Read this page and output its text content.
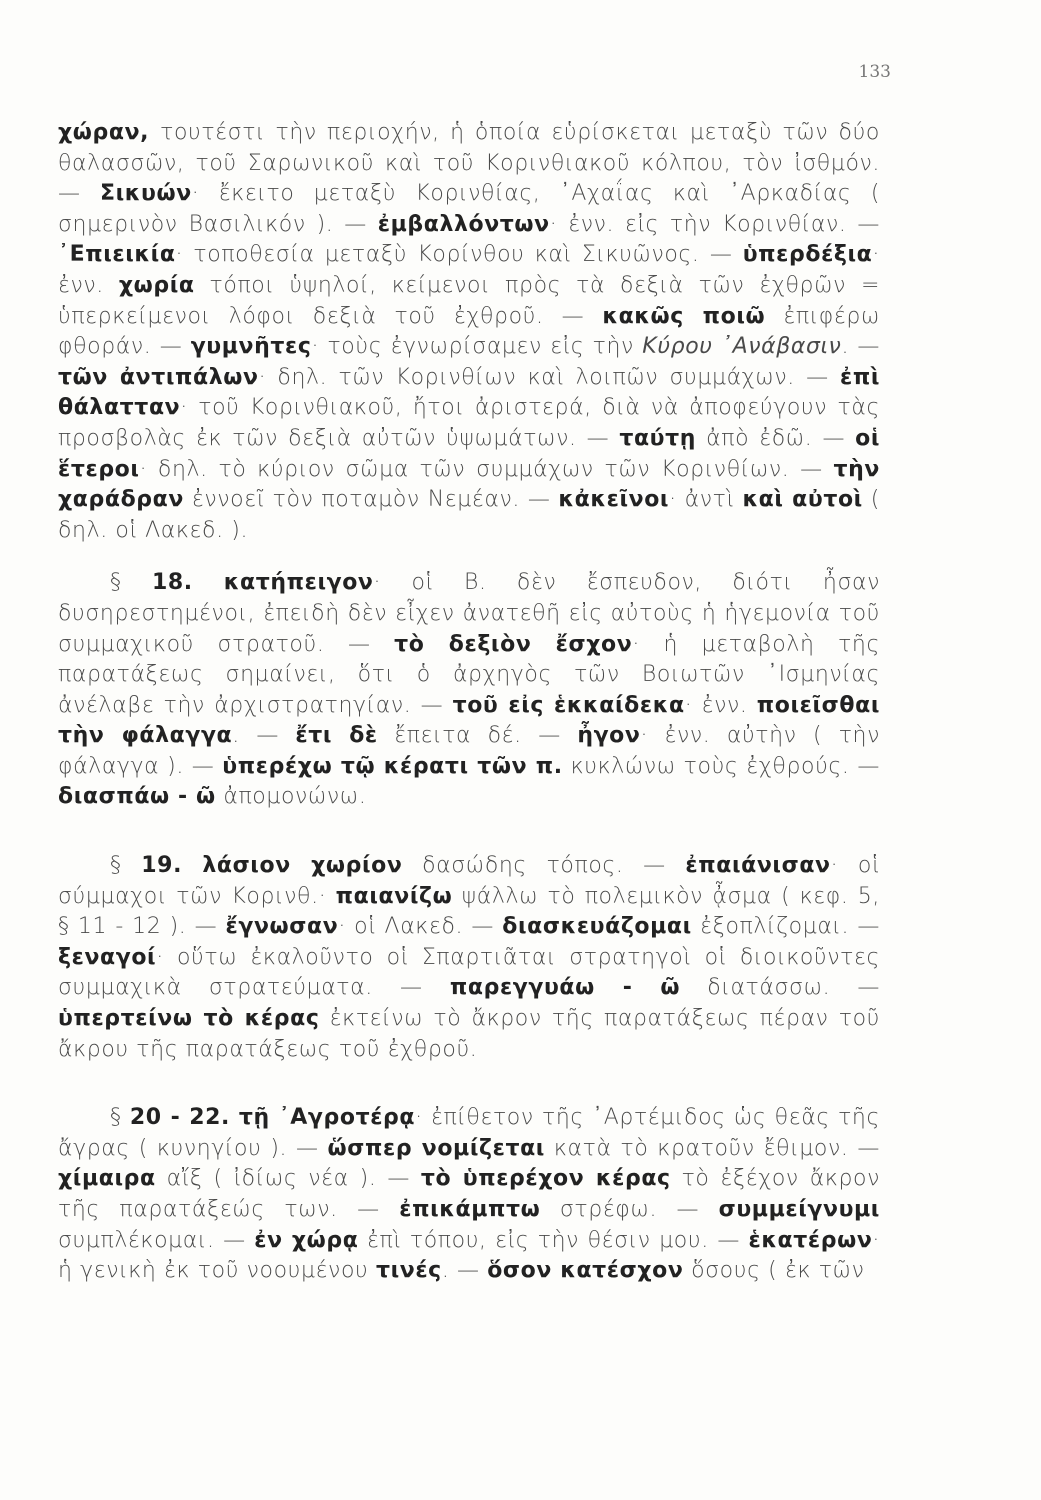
133

χώραν, τουτέστι τὴν περιοχήν, ἡ ὁποία εὑρίσκεται μεταξὺ τῶν δύο θαλασσῶν, τοῦ Σαρωνικοῦ καὶ τοῦ Κορινθιακοῦ κόλπου, τὸν ἰσθμόν. — Σικυών· ἔκειτο μεταξὺ Κορινθίας, ᾿Αχαΐας καὶ ᾿Αρκαδίας ( σημερινὸν Βασιλικόν ). — ἐμβαλλόντων· ἐνν. εἰς τὴν Κορινθίαν. — ᾿Επιεικία· τοποθεσία μεταξὺ Κορίνθου καὶ Σικυῶνος. — ὑπερδέξια· ἐνν. χωρία τόποι ὑψηλοί, κείμενοι πρὸς τὰ δεξιὰ τῶν ἐχθρῶν = ὑπερκείμενοι λόφοι δεξιὰ τοῦ ἐχθροῦ. — κακῶς ποιῶ ἐπιφέρω φθοράν. — γυμνῆτες· τοὺς ἐγνωρίσαμεν εἰς τὴν Κύρου ᾿Ανάβασιν. — τῶν ἀντιπάλων· δηλ. τῶν Κορινθίων καὶ λοιπῶν συμμάχων. — ἐπὶ θάλατταν· τοῦ Κορινθιακοῦ, ἤτοι ἀριστερά, διὰ νὰ ἀποφεύγουν τὰς προσβολὰς ἐκ τῶν δεξιὰ αὐτῶν ὑψωμάτων. — ταύτῃ ἀπὸ ἐδῶ. — οἱ ἕτεροι· δηλ. τὸ κύριον σῶμα τῶν συμμάχων τῶν Κορινθίων. — τὴν χαράδραν ἐννοεῖ τὸν ποταμὸν Νεμέαν. — κἀκεῖνοι· ἀντὶ καὶ αὐτοὶ ( δηλ. οἱ Λακεδ. ).

§ 18. κατήπειγον· οἱ Β. δὲν ἔσπευδον, διότι ἦσαν δυσηρεστημένοι, ἐπειδὴ δὲν εἶχεν ἀνατεθῆ εἰς αὐτοὺς ἡ ἡγεμονία τοῦ συμμαχικοῦ στρατοῦ. — τὸ δεξιὸν ἔσχον· ἡ μεταβολὴ τῆς παρατάξεως σημαίνει, ὅτι ὁ ἀρχηγὸς τῶν Βοιωτῶν ᾿Ισμηνίας ἀνέλαβε τὴν ἀρχιστρατηγίαν. — τοῦ εἰς ἑκκαίδεκα· ἐνν. ποιεῖσθαι τὴν φάλαγγα. — ἔτι δὲ ἔπειτα δέ. — ἦγον· ἐνν. αὐτὴν ( τὴν φάλαγγα ). — ὑπερέχω τῷ κέρατι τῶν π. κυκλώνω τοὺς ἐχθρούς. — διασπάω - ῶ ἀπομονώνω.

§ 19. λάσιον χωρίον δασώδης τόπος. — ἐπαιάνισαν· οἱ σύμμαχοι τῶν Κορινθ.· παιανίζω ψάλλω τὸ πολεμικὸν ᾆσμα ( κεφ. 5, § 11 - 12 ). — ἔγνωσαν· οἱ Λακεδ. — διασκευάζομαι ἐξοπλίζομαι. — ξεναγοί· οὕτω ἐκαλοῦντο οἱ Σπαρτιᾶται στρατηγοὶ οἱ διοικοῦντες συμμαχικὰ στρατεύματα. — παρεγγυάω - ῶ διατάσσω. — ὑπερτείνω τὸ κέρας ἐκτείνω τὸ ἄκρον τῆς παρατάξεως πέραν τοῦ ἄκρου τῆς παρατάξεως τοῦ ἐχθροῦ.

§ 20 - 22. τῇ ᾿Αγροτέρᾳ· ἐπίθετον τῆς ᾿Αρτέμιδος ὡς θεᾶς τῆς ἄγρας ( κυνηγίου ). — ὥσπερ νομίζεται κατὰ τὸ κρατοῦν ἔθιμον. — χίμαιρα αἴξ ( ἰδίως νέα ). — τὸ ὑπερέχον κέρας τὸ ἐξέχον ἄκρον τῆς παρατάξεώς των. — ἐπικάμπτω στρέφω. — συμμείγνυμι συμπλέκομαι. — ἐν χώρᾳ ἐπὶ τόπου, εἰς τὴν θέσιν μου. — ἑκατέρων· ἡ γενικὴ ἐκ τοῦ νοουμένου τινές. — ὅσον κατέσχον ὅσους ( ἐκ τῶν
